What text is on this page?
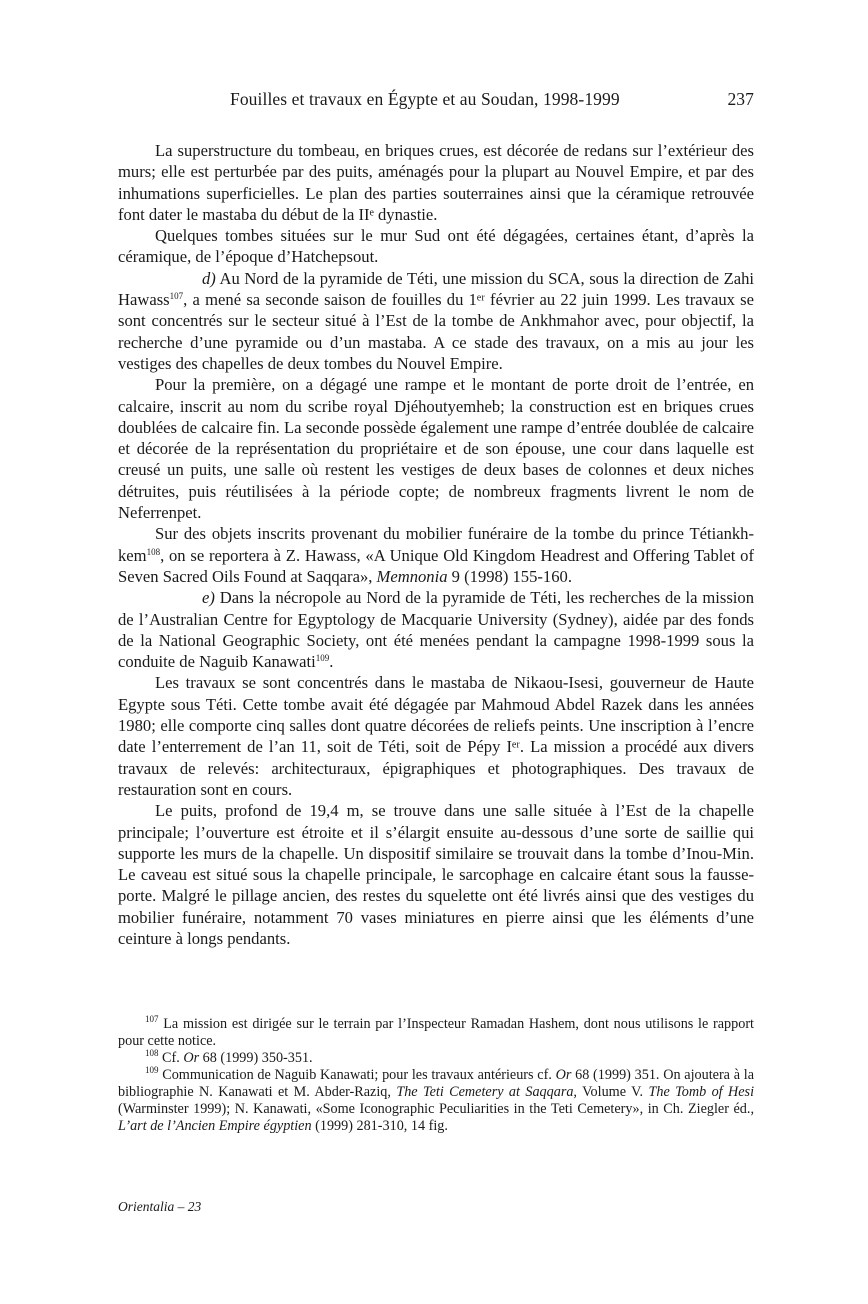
Fouilles et travaux en Égypte et au Soudan, 1998-1999	237

La superstructure du tombeau, en briques crues, est décorée de redans sur l’extérieur des murs; elle est perturbée par des puits, aménagés pour la plupart au Nouvel Empire, et par des inhumations superficielles. Le plan des parties souterraines ainsi que la céramique retrouvée font dater le mastaba du début de la IIᵉ dynastie.

Quelques tombes situées sur le mur Sud ont été dégagées, certaines étant, d’après la céramique, de l’époque d’Hatchepsout.

d) Au Nord de la pyramide de Téti, une mission du SCA, sous la direction de Zahi Hawass$^{107}$, a mené sa seconde saison de fouilles du 1ᵉʳ février au 22 juin 1999. Les travaux se sont concentrés sur le secteur situé à l’Est de la tombe de Ankhmahor avec, pour objectif, la recherche d’une pyramide ou d’un mastaba. A ce stade des travaux, on a mis au jour les vestiges des chapelles de deux tombes du Nouvel Empire.

Pour la première, on a dégagé une rampe et le montant de porte droit de l’entrée, en calcaire, inscrit au nom du scribe royal Djéhoutyemheb; la construction est en briques crues doublées de calcaire fin. La seconde possède également une rampe d’entrée doublée de calcaire et décorée de la représentation du propriétaire et de son épouse, une cour dans laquelle est creusé un puits, une salle où restent les vestiges de deux bases de colonnes et deux niches détruites, puis réutilisées à la période copte; de nombreux fragments livrent le nom de Neferrenpet.

Sur des objets inscrits provenant du mobilier funéraire de la tombe du prince Tétiankh-kem$^{108}$, on se reportera à Z. Hawass, «A Unique Old Kingdom Headrest and Offering Tablet of Seven Sacred Oils Found at Saqqara», Memnonia 9 (1998) 155-160.

e) Dans la nécropole au Nord de la pyramide de Téti, les recherches de la mission de l’Australian Centre for Egyptology de Macquarie University (Sydney), aidée par des fonds de la National Geographic Society, ont été menées pendant la campagne 1998-1999 sous la conduite de Naguib Kanawati$^{109}$.

Les travaux se sont concentrés dans le mastaba de Nikaou-Isesi, gouverneur de Haute Egypte sous Téti. Cette tombe avait été dégagée par Mahmoud Abdel Razek dans les années 1980; elle comporte cinq salles dont quatre décorées de reliefs peints. Une inscription à l’encre date l’enterrement de l’an 11, soit de Téti, soit de Pépy Iᵉʳ. La mission a procédé aux divers travaux de relevés: architecturaux, épigraphiques et photographiques. Des travaux de restauration sont en cours.

Le puits, profond de 19,4 m, se trouve dans une salle située à l’Est de la chapelle principale; l’ouverture est étroite et il s’élargit ensuite au-dessous d’une sorte de saillie qui supporte les murs de la chapelle. Un dispositif similaire se trouvait dans la tombe d’Inou-Min. Le caveau est situé sous la chapelle principale, le sarcophage en calcaire étant sous la fausse-porte. Malgré le pillage ancien, des restes du squelette ont été livrés ainsi que des vestiges du mobilier funéraire, notamment 70 vases miniatures en pierre ainsi que les éléments d’une ceinture à longs pendants.

$^{107}$ La mission est dirigée sur le terrain par l’Inspecteur Ramadan Hashem, dont nous utilisons le rapport pour cette notice.

$^{108}$ Cf. Or 68 (1999) 350-351.

$^{109}$ Communication de Naguib Kanawati; pour les travaux antérieurs cf. Or 68 (1999) 351. On ajoutera à la bibliographie N. Kanawati et M. Abder-Raziq, The Teti Cemetery at Saqqara, Volume V. The Tomb of Hesi (Warminster 1999); N. Kanawati, «Some Iconographic Peculiarities in the Teti Cemetery», in Ch. Ziegler éd., L’art de l’Ancien Empire égyptien (1999) 281-310, 14 fig.

Orientalia – 23
